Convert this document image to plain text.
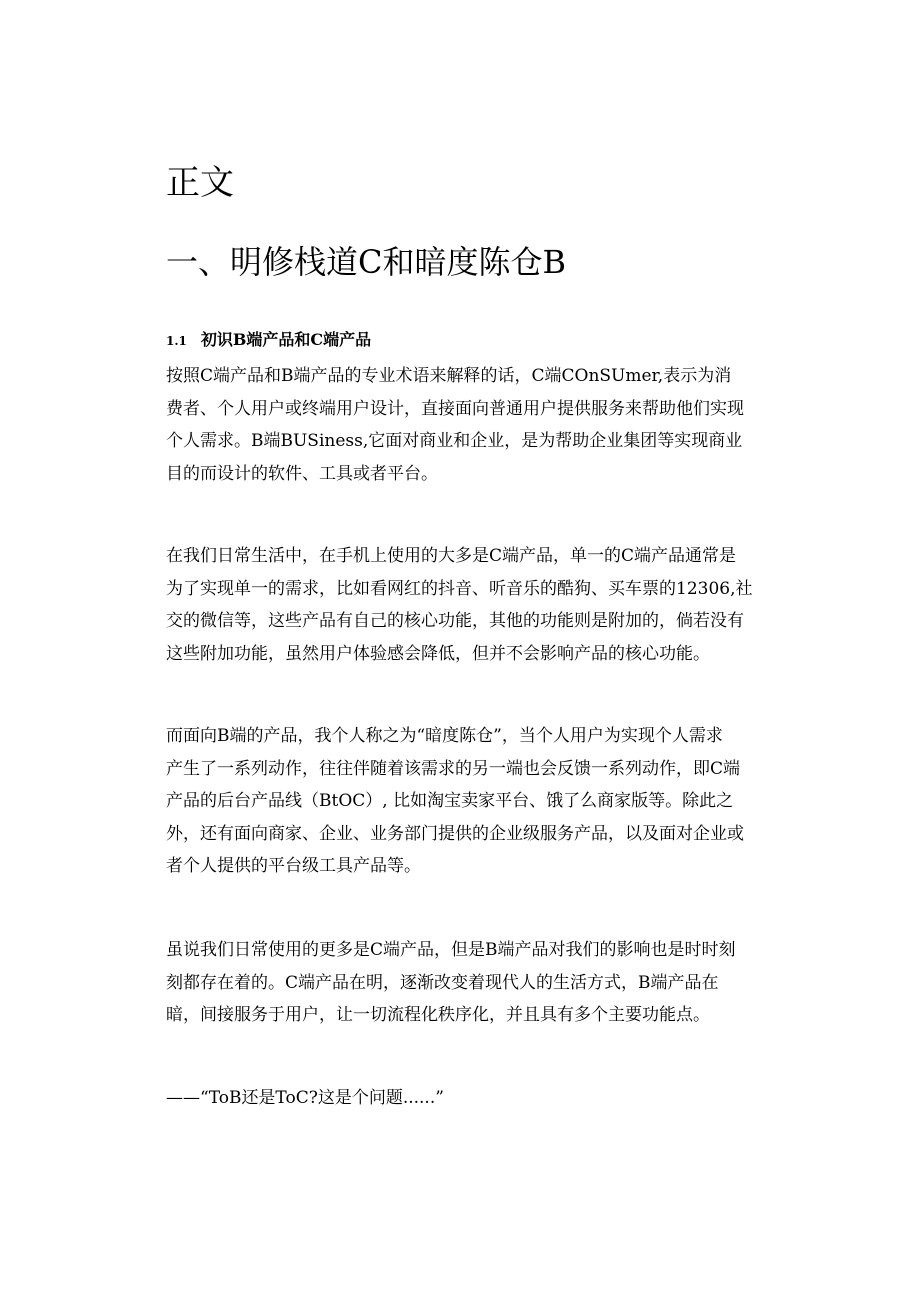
正文
一、明修栈道C和暗度陈仓B
1.1 初识B端产品和C端产品

按照C端产品和B端产品的专业术语来解释的话，C端COnSUmer,表示为消
费者、个人用户或终端用户设计，直接面向普通用户提供服务来帮助他们实现
个人需求。B端BUSiness,它面对商业和企业，是为帮助企业集团等实现商业
目的而设计的软件、工具或者平台。

在我们日常生活中，在手机上使用的大多是C端产品，单一的C端产品通常是
为了实现单一的需求，比如看网红的抖音、听音乐的酷狗、买车票的12306,社
交的微信等，这些产品有自己的核心功能，其他的功能则是附加的，倘若没有
这些附加功能，虽然用户体验感会降低，但并不会影响产品的核心功能。

而面向B端的产品，我个人称之为“暗度陈仓”，当个人用户为实现个人需求
产生了一系列动作，往往伴随着该需求的另一端也会反馈一系列动作，即C端
产品的后台产品线（BtOC）, 比如淘宝卖家平台、饿了么商家版等。除此之
外，还有面向商家、企业、业务部门提供的企业级服务产品，以及面对企业或
者个人提供的平台级工具产品等。

虽说我们日常使用的更多是C端产品，但是B端产品对我们的影响也是时时刻
刻都存在着的。C端产品在明，逐渐改变着现代人的生活方式，B端产品在
暗，间接服务于用户，让一切流程化秩序化，并且具有多个主要功能点。

——“ToB还是ToC?这是个问题......”
